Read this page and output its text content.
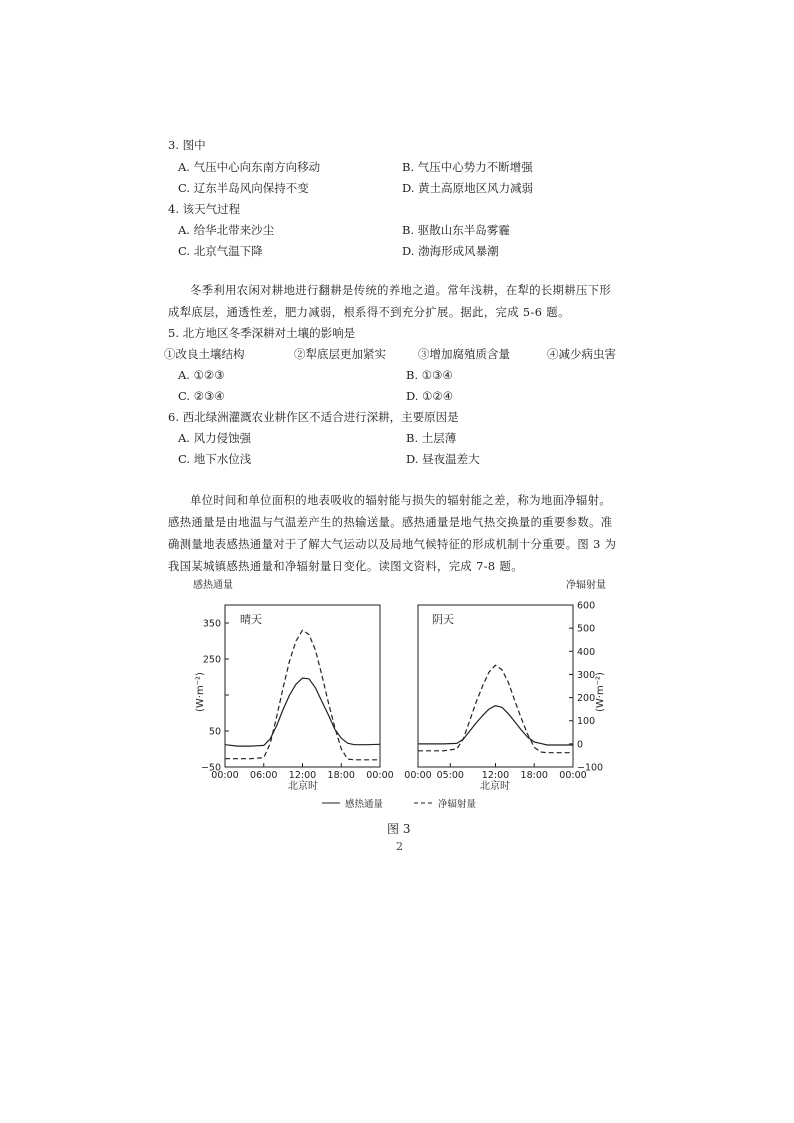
3. 图中
A. 气压中心向东南方向移动	B. 气压中心势力不断增强
C. 辽东半岛风向保持不变	D. 黄土高原地区风力减弱
4. 该天气过程
A. 给华北带来沙尘	B. 驱散山东半岛雾霾
C. 北京气温下降	D. 渤海形成风暴潮
冬季利用农闲对耕地进行翻耕是传统的养地之道。常年浅耕，在犁的长期耕压下形
成犁底层，通透性差，肥力减弱，根系得不到充分扩展。据此，完成 5-6 题。
5. 北方地区冬季深耕对土壤的影响是
①改良土壤结构	②犁底层更加紧实	③增加腐殖质含量	④减少病虫害
A. ①②③	B. ①③④
C. ②③④	D. ①②④
6. 西北绿洲灌溉农业耕作区不适合进行深耕，主要原因是
A. 风力侵蚀强	B. 土层薄
C. 地下水位浅	D. 昼夜温差大
单位时间和单位面积的地表吸收的辐射能与损失的辐射能之差，称为地面净辐射。
感热通量是由地温与气温差产生的热输送量。感热通量是地气热交换量的重要参数。准
确测量地表感热通量对于了解大气运动以及局地气候特征的形成机制十分重要。图 3 为
我国某城镇感热通量和净辐射量日变化。读图文资料，完成 7-8 题。
感热通量	净辐射量
晴天
(W·m⁻²)
北京时
00:00 06:00 12:00 18:00 00:00
−50
50
250
350	阴天
(W·m⁻²)
北京时
00:00 05:00 12:00 18:00 00:00
−100
0
100
200
300
400
500
600
感热通量	净辐射量
图 3
2
